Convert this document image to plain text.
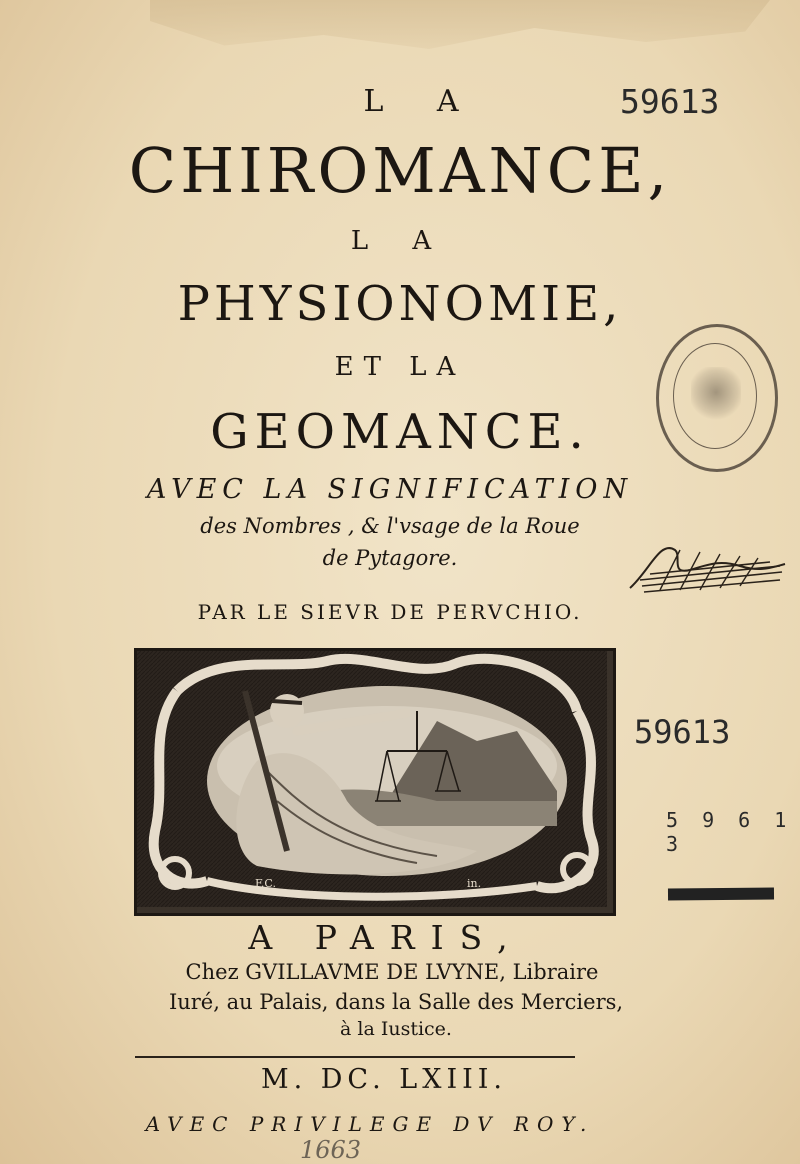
L A
CHIROMANCE,
L A
PHYSIONOMIE,
ET LA
GEOMANCE.
AVEC LA SIGNIFICATION
des Nombres , & l'vsage de la Roue
de Pytagore.
PAR LE SIEVR DE PERVCHIO.
F.C.	in.
59613
59613
5 9 6 1 3
A PARIS,
Chez GVILLAVME DE LVYNE, Libraire
Iuré, au Palais, dans la Salle des Merciers,
à la Iustice.
M. DC. LXIII.
AVEC PRIVILEGE DV ROY.
1663
